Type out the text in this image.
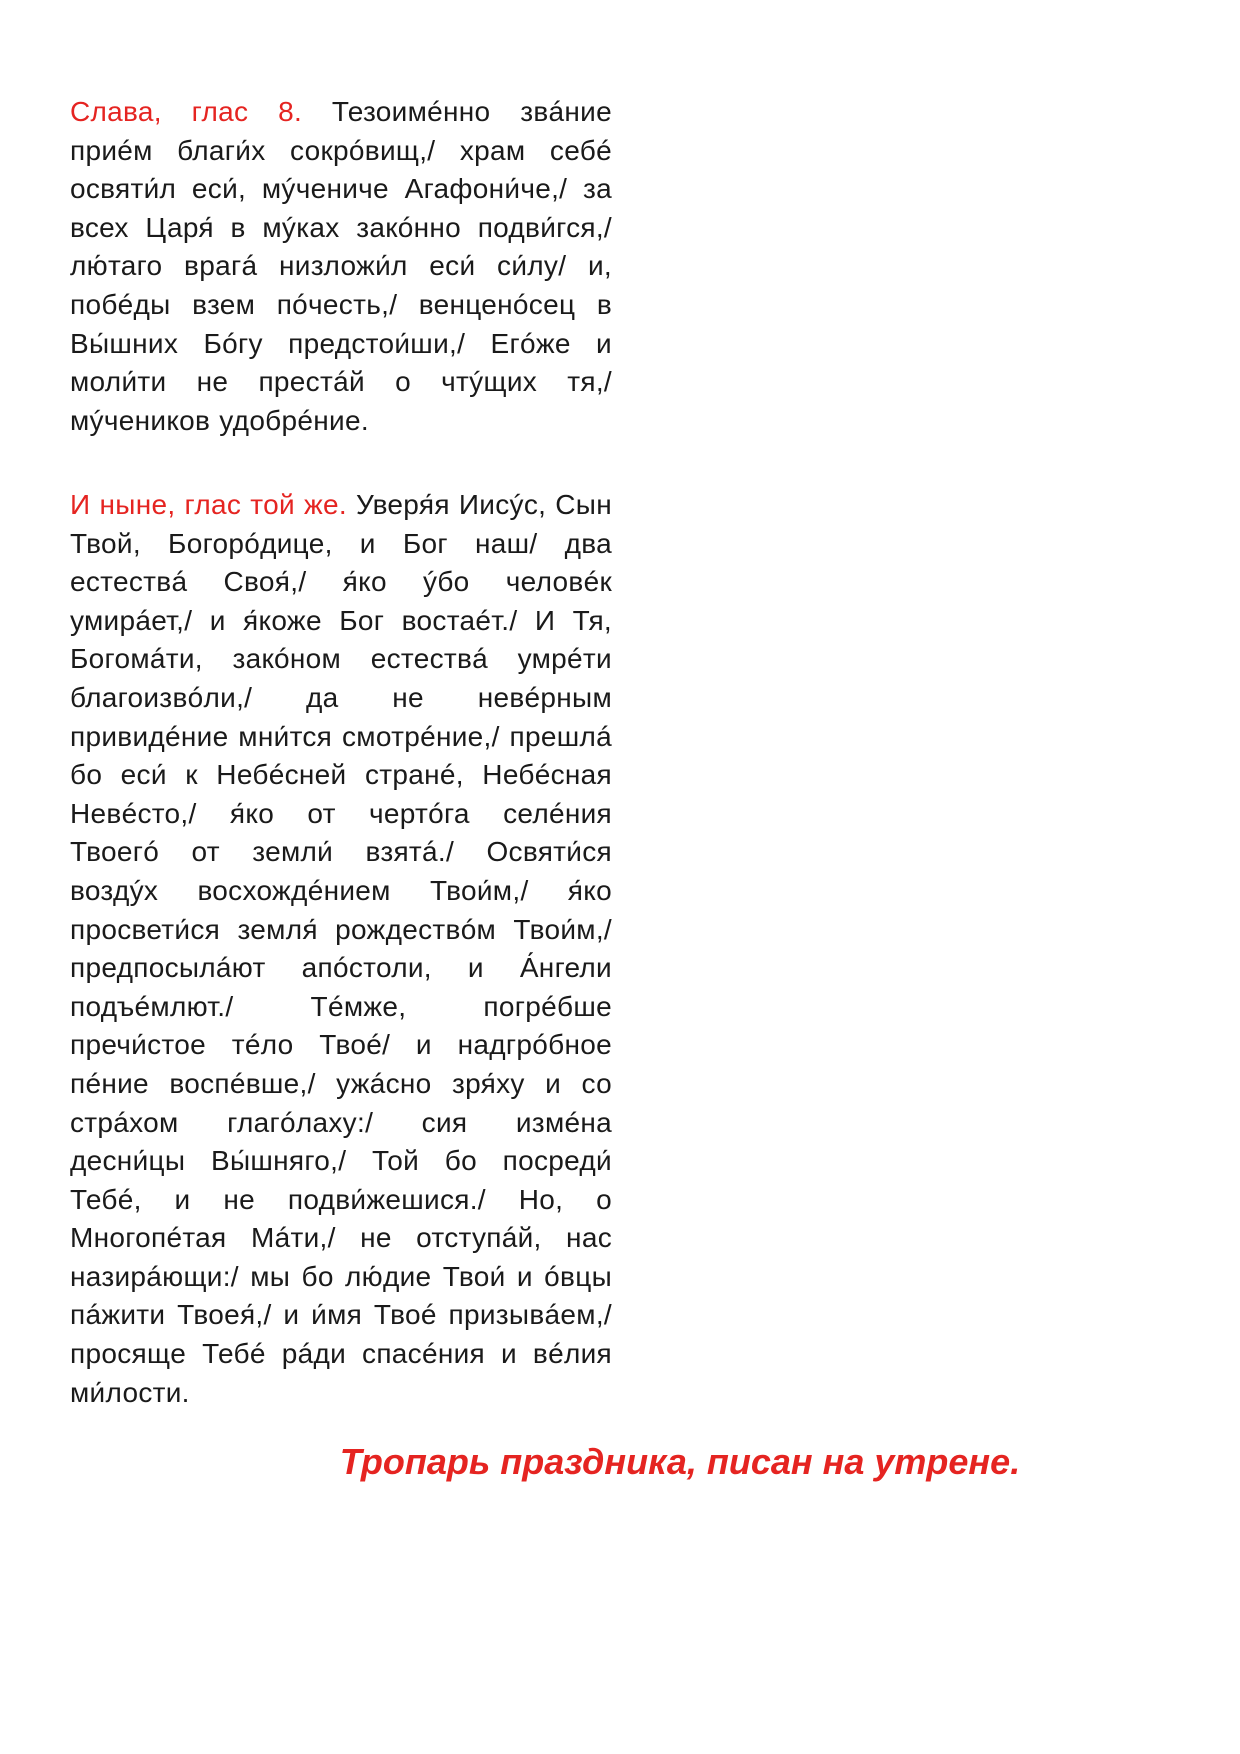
Слава, глас 8. Тезоимéнно звáние приéм благи́х сокрóвищ,/ храм себé освяти́л еси́, мýчениче Агафони́че,/ за всех Царя́ в мýках закóнно подви́гся,/ лю́таго врагá низложи́л еси́ си́лу/ и, побéды взем пóчесть,/ венценóсец в Вы́шних Бóгу предстои́ши,/ Егóже и моли́ти не престáй о чтýщих тя,/ мýчеников удобрéние.

И ныне, глас той же. Уверя́я Иисýс, Сын Твой, Богорóдице, и Бог наш/ два естествá Своя́,/ я́ко ýбо человéк умирáет,/ и я́коже Бог востаéт./ И Тя, Богомáти, закóном естествá умрéти благоизвóли,/ да не невéрным привидéние мни́тся смотрéние,/ прешлá бо еси́ к Небéсней странé, Небéсная Невéсто,/ я́ко от чертóга селéния Твоегó от земли́ взятá./ Освяти́ся воздýх восхождéнием Твои́м,/ я́ко просвети́ся земля́ рождествóм Твои́м,/ предпосылáют апóстоли, и А́нгели подъéмлют./ Тéмже, погрéбше пречи́стое тéло Твоé/ и надгрóбное пéние воспéвше,/ ужáсно зря́ху и со стрáхом глагóлаху:/ сия измéна десни́цы Вы́шняго,/ Той бо посреди́ Тебé, и не подви́жешися./ Но, о Многопéтая Мáти,/ не отступáй, нас назирáющи:/ мы бо лю́дие Твои́ и óвцы пáжити Твоея́,/ и и́мя Твоé призывáем,/ просящe Тебé рáди спасéния и вéлия ми́лости.

Тропарь праздника, писан на утрене.
